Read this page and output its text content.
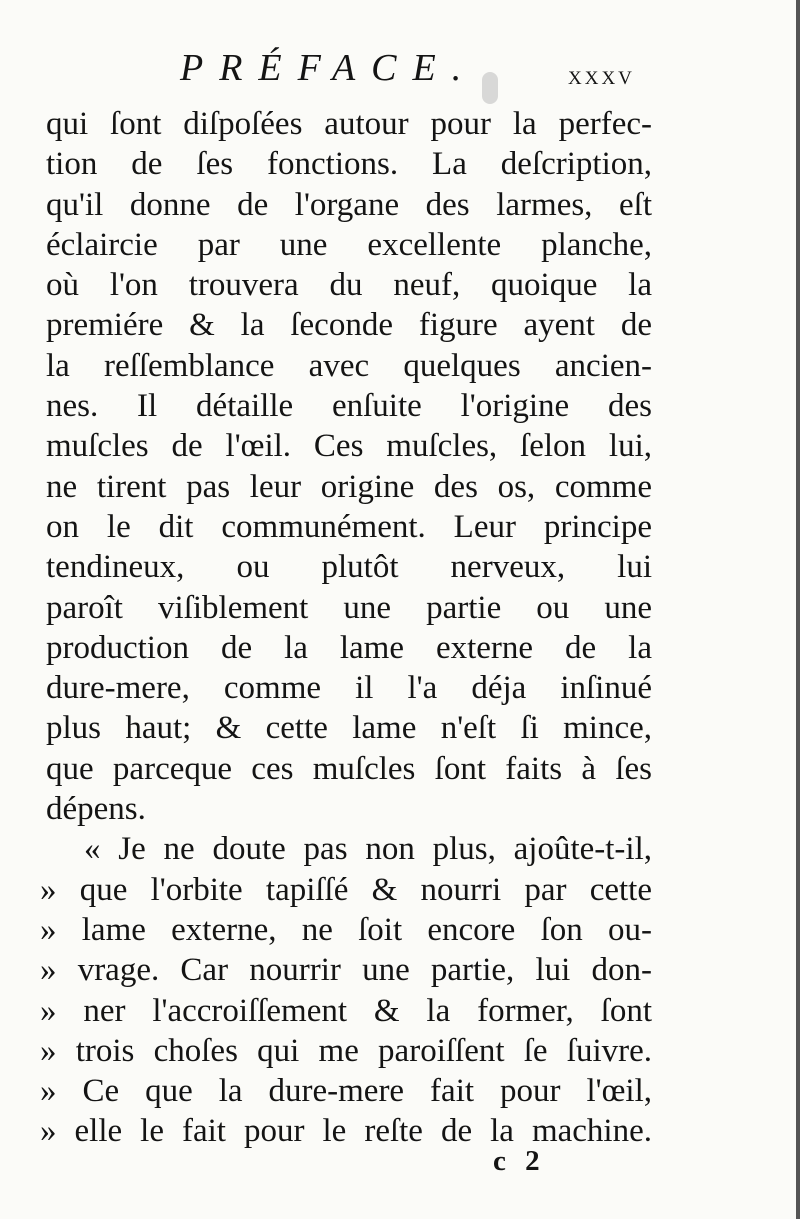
PRÉFACE.	xxxv
qui ſont diſpoſées autour pour la perfec-
tion de ſes fonctions. La deſcription,
qu'il donne de l'organe des larmes, eſt
éclaircie par une excellente planche,
où l'on trouvera du neuf, quoique la
premiére & la ſeconde figure ayent de
la reſſemblance avec quelques ancien-
nes. Il détaille enſuite l'origine des
muſcles de l'œil. Ces muſcles, ſelon lui,
ne tirent pas leur origine des os, comme
on le dit communément. Leur principe
tendineux, ou plutôt nerveux, lui
paroît viſiblement une partie ou une
production de la lame externe de la
dure-mere, comme il l'a déja inſinué
plus haut; & cette lame n'eſt ſi mince,
que parceque ces muſcles ſont faits à ſes
dépens.
« Je ne doute pas non plus, ajoûte-t-il,
» que l'orbite tapiſſé & nourri par cette
» lame externe, ne ſoit encore ſon ou-
» vrage. Car nourrir une partie, lui don-
» ner l'accroiſſement & la former, ſont
» trois choſes qui me paroiſſent ſe ſuivre.
» Ce que la dure-mere fait pour l'œil,
» elle le fait pour le reſte de la machine.
c 2
